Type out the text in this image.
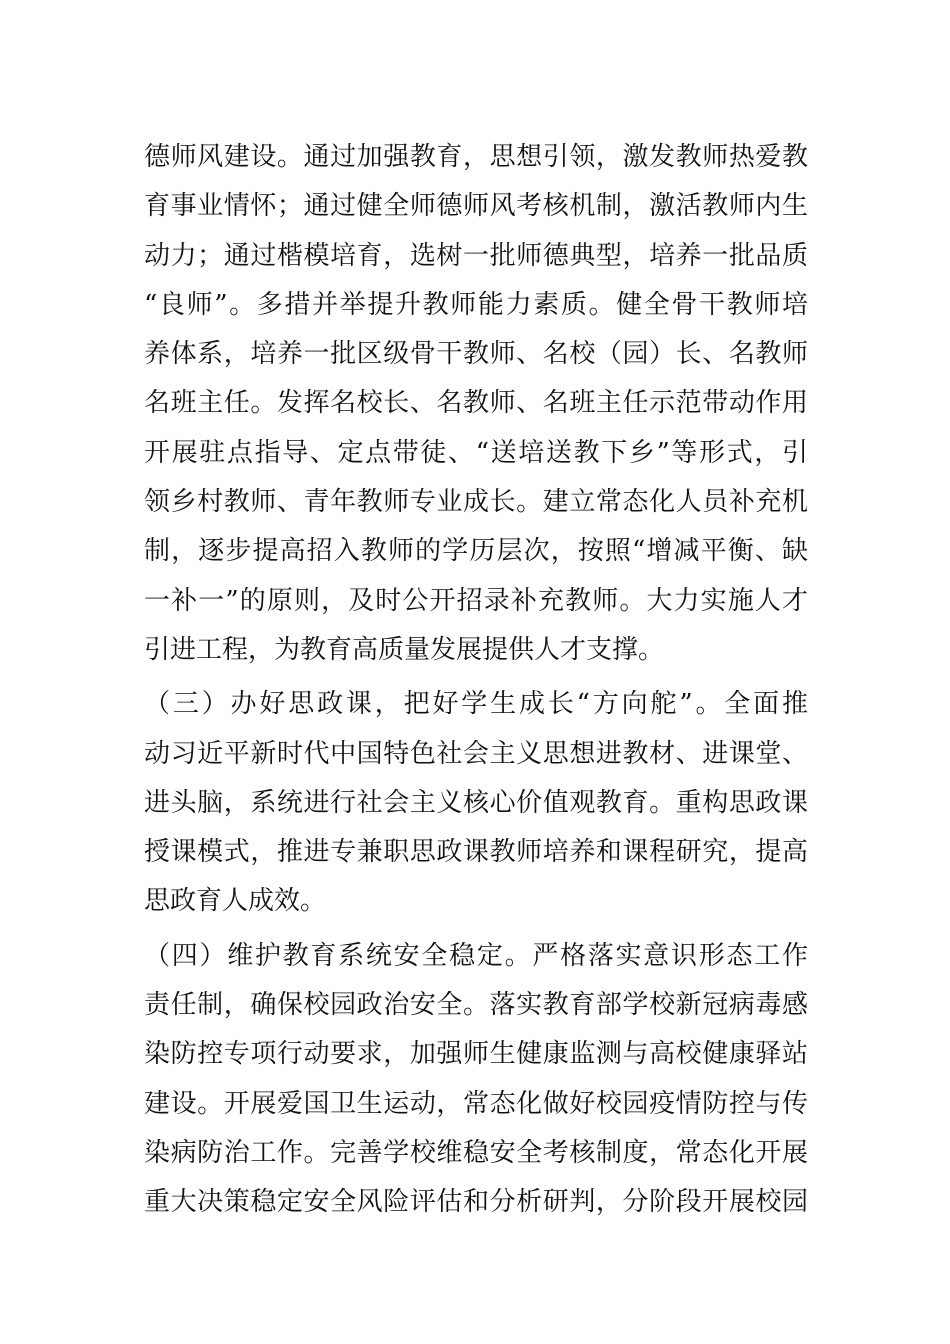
德师风建设。通过加强教育，思想引领，激发教师热爱教
育事业情怀；通过健全师德师风考核机制，激活教师内生
动力；通过楷模培育，选树一批师德典型，培养一批品质
“良师”。多措并举提升教师能力素质。健全骨干教师培
养体系，培养一批区级骨干教师、名校（园）长、名教师
名班主任。发挥名校长、名教师、名班主任示范带动作用
开展驻点指导、定点带徒、“送培送教下乡”等形式，引
领乡村教师、青年教师专业成长。建立常态化人员补充机
制，逐步提高招入教师的学历层次，按照“增减平衡、缺
一补一”的原则，及时公开招录补充教师。大力实施人才
引进工程，为教育高质量发展提供人才支撑。
（三）办好思政课，把好学生成长“方向舵”。全面推
动习近平新时代中国特色社会主义思想进教材、进课堂、
进头脑，系统进行社会主义核心价值观教育。重构思政课
授课模式，推进专兼职思政课教师培养和课程研究，提高
思政育人成效。
（四）维护教育系统安全稳定。严格落实意识形态工作
责任制，确保校园政治安全。落实教育部学校新冠病毒感
染防控专项行动要求，加强师生健康监测与高校健康驿站
建设。开展爱国卫生运动，常态化做好校园疫情防控与传
染病防治工作。完善学校维稳安全考核制度，常态化开展
重大决策稳定安全风险评估和分析研判，分阶段开展校园
